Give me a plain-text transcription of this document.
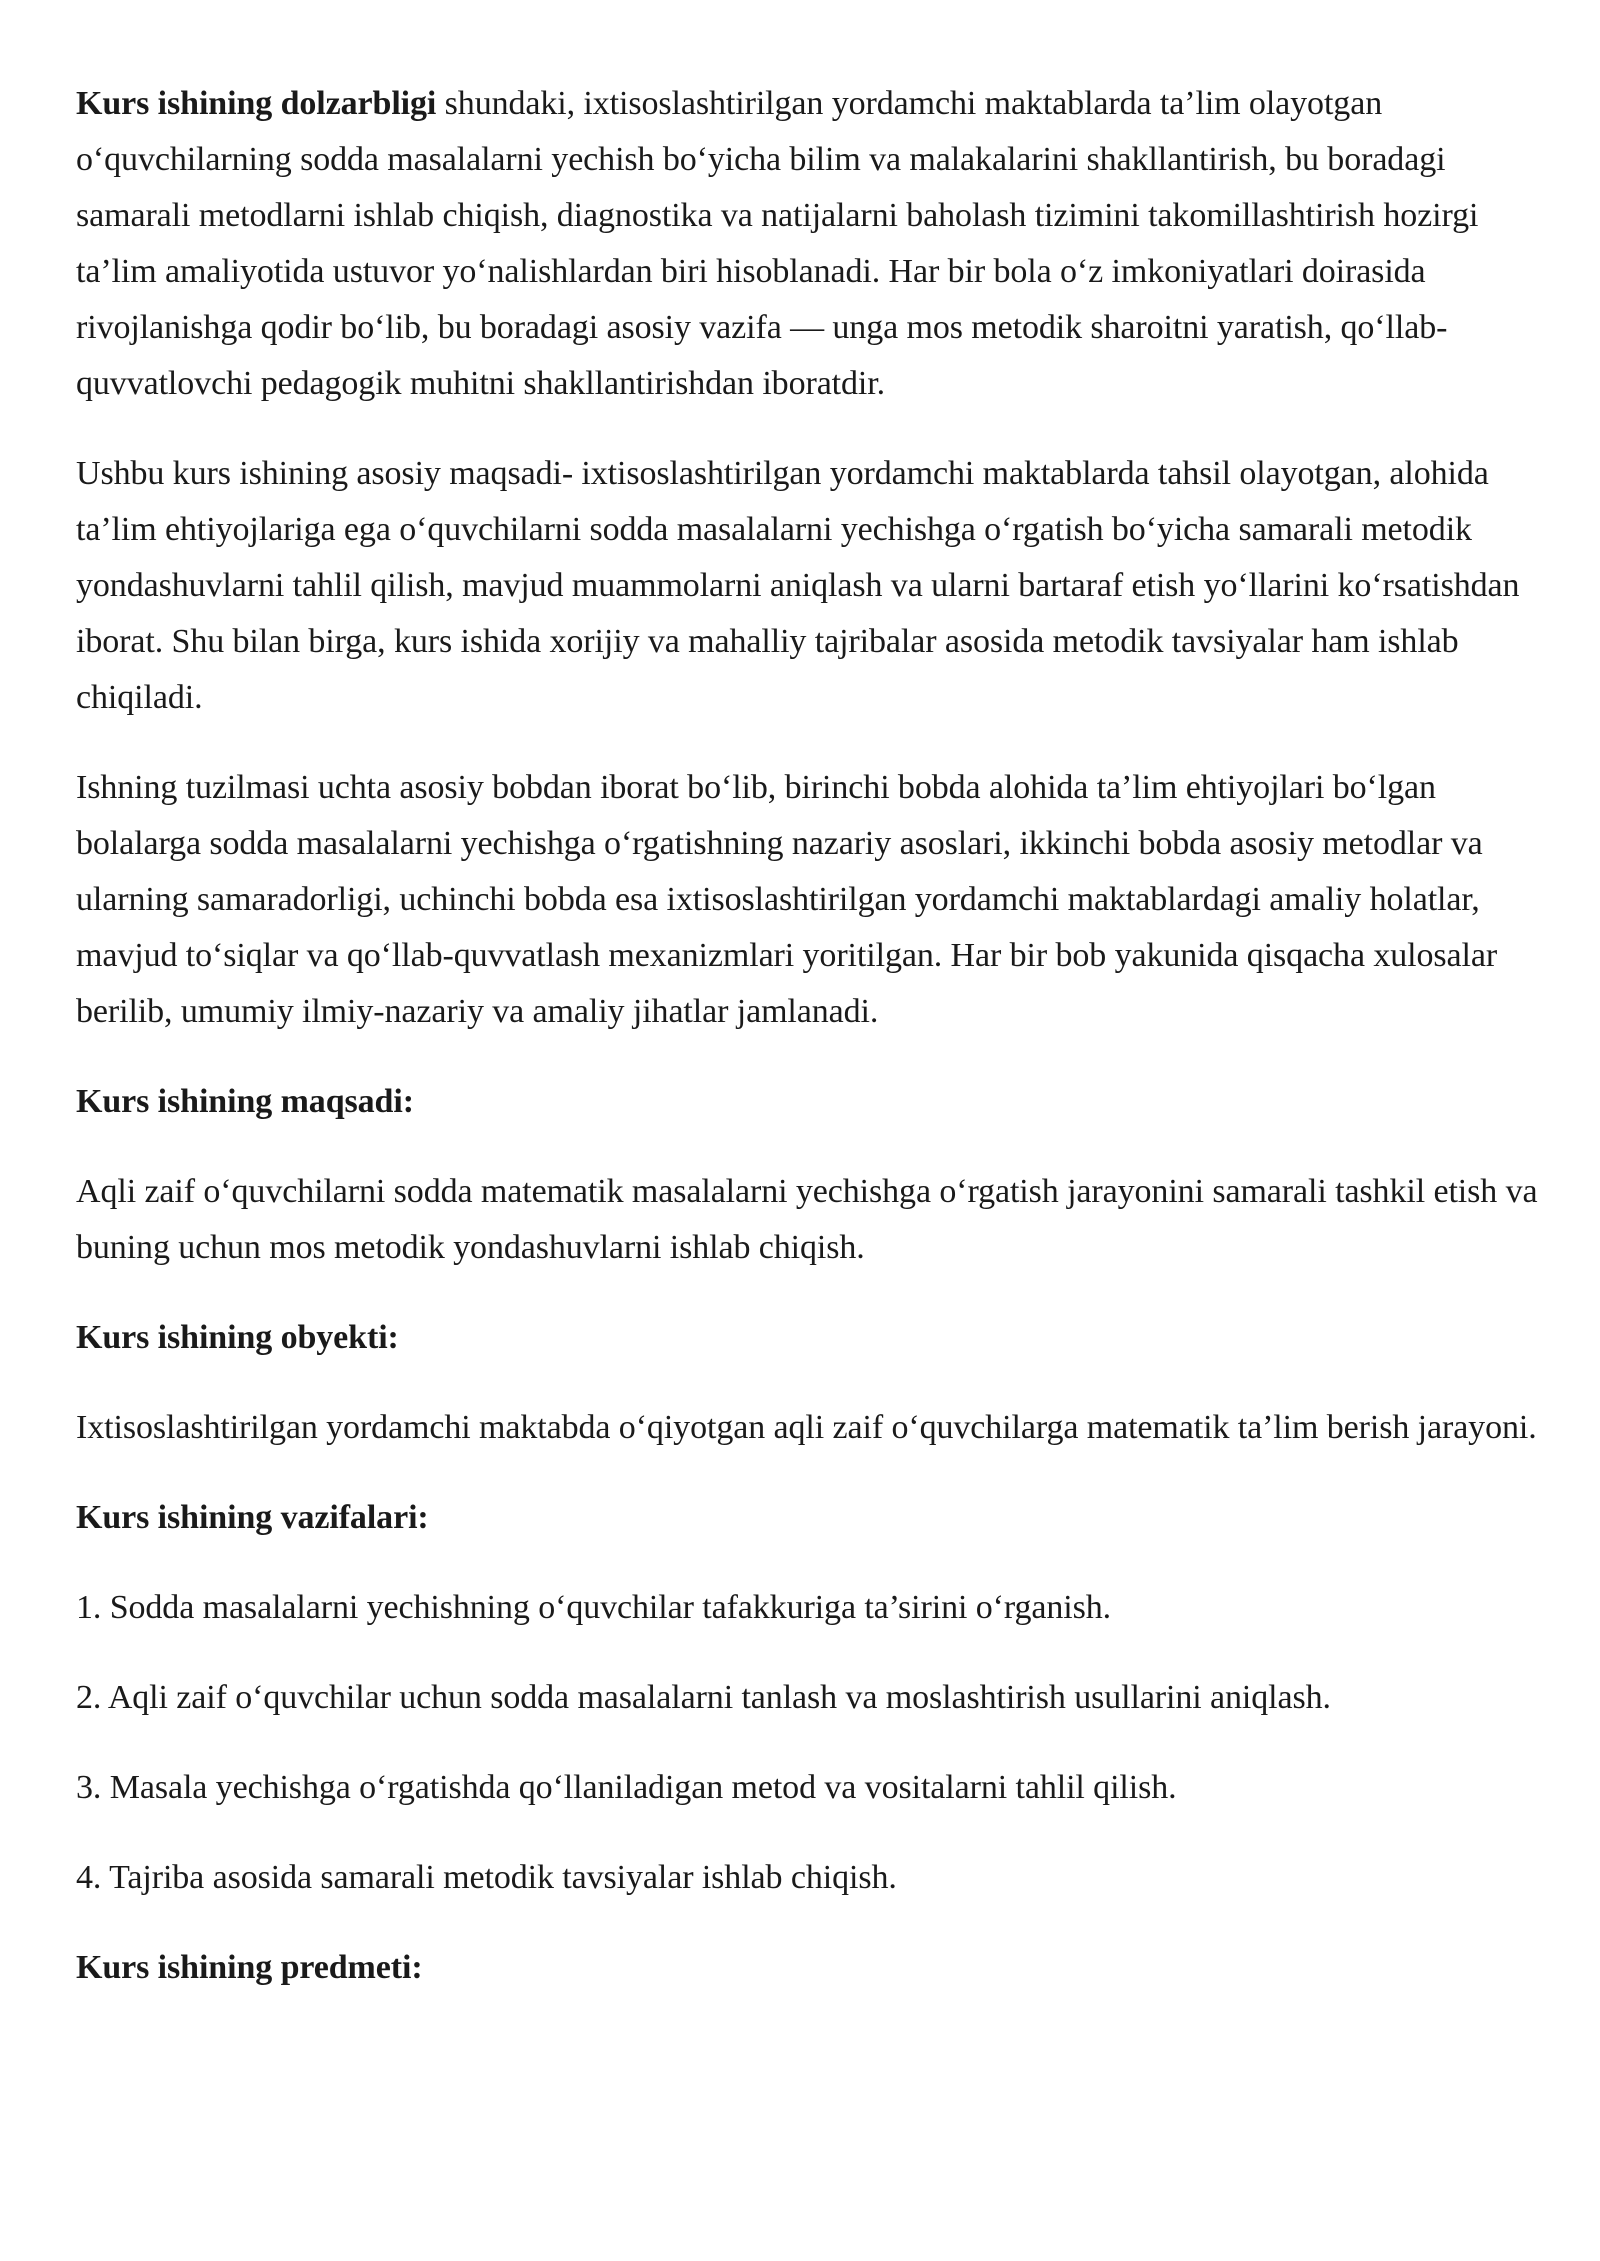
Kurs ishining dolzarbligi shundaki, ixtisoslashtirilgan yordamchi maktablarda ta’lim olayotgan o‘quvchilarning sodda masalalarni yechish bo‘yicha bilim va malakalarini shakllantirish, bu boradagi samarali metodlarni ishlab chiqish, diagnostika va natijalarni baholash tizimini takomillashtirish hozirgi ta’lim amaliyotida ustuvor yo‘nalishlardan biri hisoblanadi. Har bir bola o‘z imkoniyatlari doirasida rivojlanishga qodir bo‘lib, bu boradagi asosiy vazifa — unga mos metodik sharoitni yaratish, qo‘llab-quvvatlovchi pedagogik muhitni shakllantirishdan iboratdir.

Ushbu kurs ishining asosiy maqsadi- ixtisoslashtirilgan yordamchi maktablarda tahsil olayotgan, alohida ta’lim ehtiyojlariga ega o‘quvchilarni sodda masalalarni yechishga o‘rgatish bo‘yicha samarali metodik yondashuvlarni tahlil qilish, mavjud muammolarni aniqlash va ularni bartaraf etish yo‘llarini ko‘rsatishdan iborat. Shu bilan birga, kurs ishida xorijiy va mahalliy tajribalar asosida metodik tavsiyalar ham ishlab chiqiladi.

Ishning tuzilmasi uchta asosiy bobdan iborat bo‘lib, birinchi bobda alohida ta’lim ehtiyojlari bo‘lgan bolalarga sodda masalalarni yechishga o‘rgatishning nazariy asoslari, ikkinchi bobda asosiy metodlar va ularning samaradorligi, uchinchi bobda esa ixtisoslashtirilgan yordamchi maktablardagi amaliy holatlar, mavjud to‘siqlar va qo‘llab-quvvatlash mexanizmlari yoritilgan. Har bir bob yakunida qisqacha xulosalar berilib, umumiy ilmiy-nazariy va amaliy jihatlar jamlanadi.

Kurs ishining maqsadi:

Aqli zaif o‘quvchilarni sodda matematik masalalarni yechishga o‘rgatish jarayonini samarali tashkil etish va buning uchun mos metodik yondashuvlarni ishlab chiqish.

Kurs ishining obyekti:

Ixtisoslashtirilgan yordamchi maktabda o‘qiyotgan aqli zaif o‘quvchilarga matematik ta’lim berish jarayoni.

Kurs ishining vazifalari:

1. Sodda masalalarni yechishning o‘quvchilar tafakkuriga ta’sirini o‘rganish.

2. Aqli zaif o‘quvchilar uchun sodda masalalarni tanlash va moslashtirish usullarini aniqlash.

3. Masala yechishga o‘rgatishda qo‘llaniladigan metod va vositalarni tahlil qilish.

4. Tajriba asosida samarali metodik tavsiyalar ishlab chiqish.

Kurs ishining predmeti:
